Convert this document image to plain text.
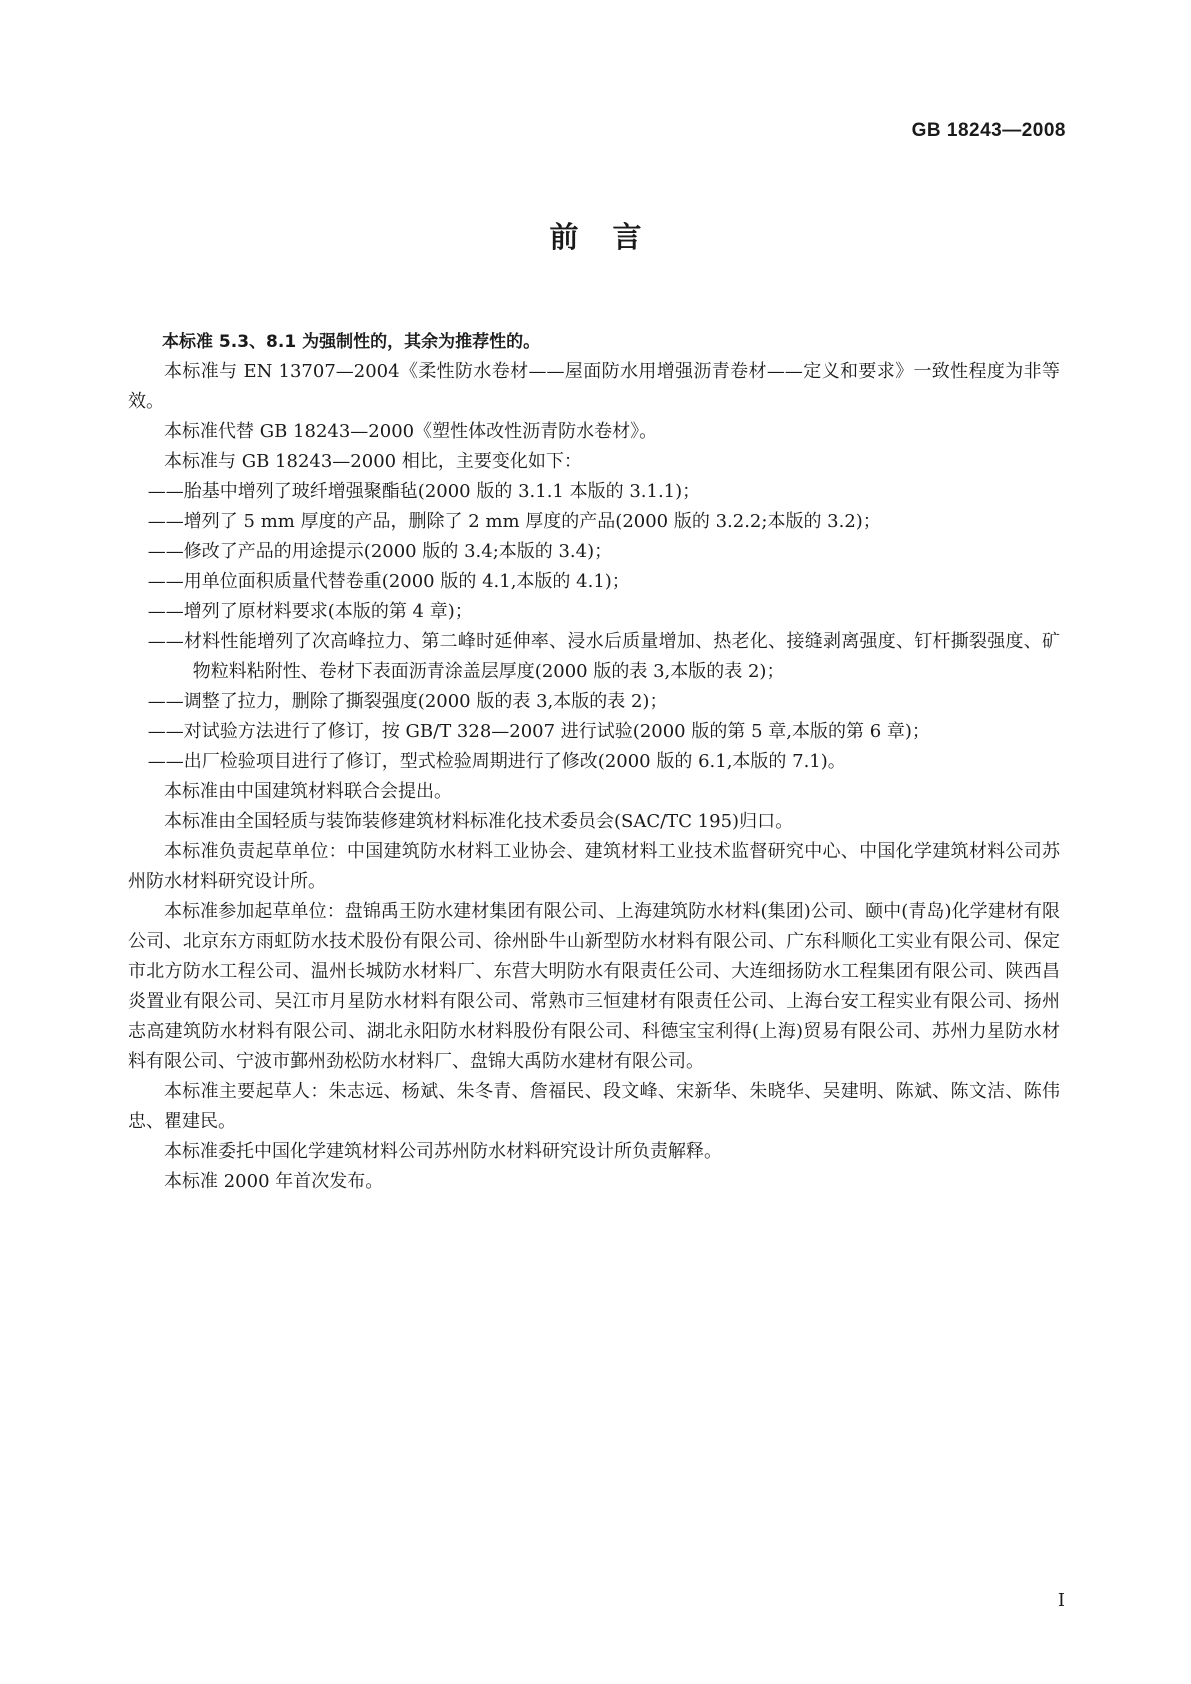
GB 18243—2008
前言

本标准 5.3、8.1 为强制性的，其余为推荐性的。

本标准与 EN 13707—2004《柔性防水卷材——屋面防水用增强沥青卷材——定义和要求》一致性程度为非等效。

本标准代替 GB 18243—2000《塑性体改性沥青防水卷材》。

本标准与 GB 18243—2000 相比，主要变化如下：

——胎基中增列了玻纤增强聚酯毡(2000 版的 3.1.1 本版的 3.1.1)；

——增列了 5 mm 厚度的产品，删除了 2 mm 厚度的产品(2000 版的 3.2.2;本版的 3.2)；

——修改了产品的用途提示(2000 版的 3.4;本版的 3.4)；

——用单位面积质量代替卷重(2000 版的 4.1,本版的 4.1)；

——增列了原材料要求(本版的第 4 章)；

——材料性能增列了次高峰拉力、第二峰时延伸率、浸水后质量增加、热老化、接缝剥离强度、钉杆撕裂强度、矿物粒料粘附性、卷材下表面沥青涂盖层厚度(2000 版的表 3,本版的表 2)；

——调整了拉力，删除了撕裂强度(2000 版的表 3,本版的表 2)；

——对试验方法进行了修订，按 GB/T 328—2007 进行试验(2000 版的第 5 章,本版的第 6 章)；

——出厂检验项目进行了修订，型式检验周期进行了修改(2000 版的 6.1,本版的 7.1)。

本标准由中国建筑材料联合会提出。

本标准由全国轻质与装饰装修建筑材料标准化技术委员会(SAC/TC 195)归口。

本标准负责起草单位：中国建筑防水材料工业协会、建筑材料工业技术监督研究中心、中国化学建筑材料公司苏州防水材料研究设计所。

本标准参加起草单位：盘锦禹王防水建材集团有限公司、上海建筑防水材料(集团)公司、颐中(青岛)化学建材有限公司、北京东方雨虹防水技术股份有限公司、徐州卧牛山新型防水材料有限公司、广东科顺化工实业有限公司、保定市北方防水工程公司、温州长城防水材料厂、东营大明防水有限责任公司、大连细扬防水工程集团有限公司、陕西昌炎置业有限公司、吴江市月星防水材料有限公司、常熟市三恒建材有限责任公司、上海台安工程实业有限公司、扬州志高建筑防水材料有限公司、湖北永阳防水材料股份有限公司、科德宝宝利得(上海)贸易有限公司、苏州力星防水材料有限公司、宁波市鄞州劲松防水材料厂、盘锦大禹防水建材有限公司。

本标准主要起草人：朱志远、杨斌、朱冬青、詹福民、段文峰、宋新华、朱晓华、吴建明、陈斌、陈文洁、陈伟忠、瞿建民。

本标准委托中国化学建筑材料公司苏州防水材料研究设计所负责解释。

本标准 2000 年首次发布。

I
